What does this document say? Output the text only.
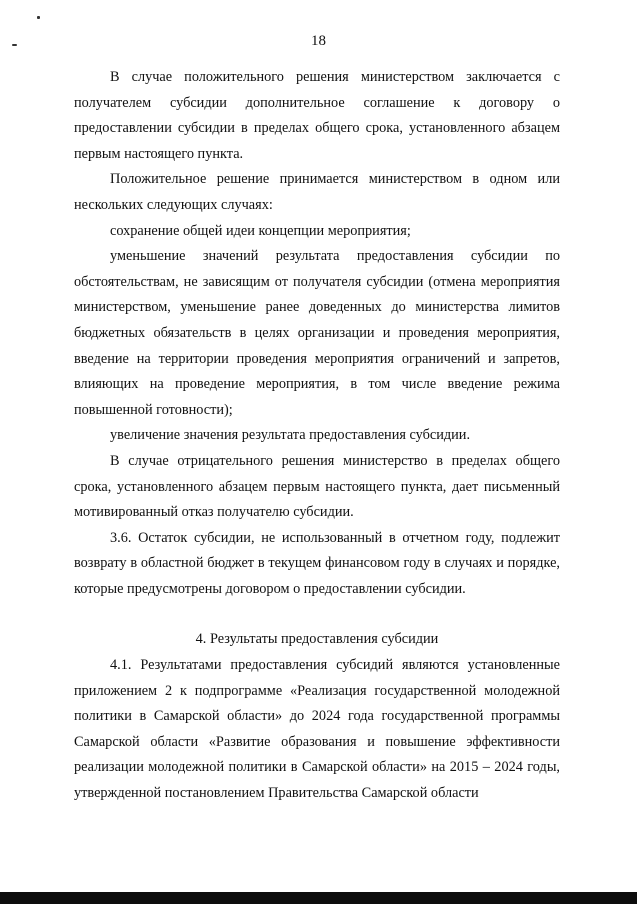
18

В случае положительного решения министерством заключается с получателем субсидии дополнительное соглашение к договору о предоставлении субсидии в пределах общего срока, установленного абзацем первым настоящего пункта.

Положительное решение принимается министерством в одном или нескольких следующих случаях:

сохранение общей идеи концепции мероприятия;

уменьшение значений результата предоставления субсидии по обстоятельствам, не зависящим от получателя субсидии (отмена мероприятия министерством, уменьшение ранее доведенных до министерства лимитов бюджетных обязательств в целях организации и проведения мероприятия, введение на территории проведения мероприятия ограничений и запретов, влияющих на проведение мероприятия, в том числе введение режима повышенной готовности);

увеличение значения результата предоставления субсидии.

В случае отрицательного решения министерство в пределах общего срока, установленного абзацем первым настоящего пункта, дает письменный мотивированный отказ получателю субсидии.

3.6. Остаток субсидии, не использованный в отчетном году, подлежит возврату в областной бюджет в текущем финансовом году в случаях и порядке, которые предусмотрены договором о предоставлении субсидии.

4. Результаты предоставления субсидии

4.1. Результатами предоставления субсидий являются установленные приложением 2 к подпрограмме «Реализация государственной молодежной политики в Самарской области» до 2024 года государственной программы Самарской области «Развитие образования и повышение эффективности реализации молодежной политики в Самарской области» на 2015 – 2024 годы, утвержденной постановлением Правительства Самарской области
